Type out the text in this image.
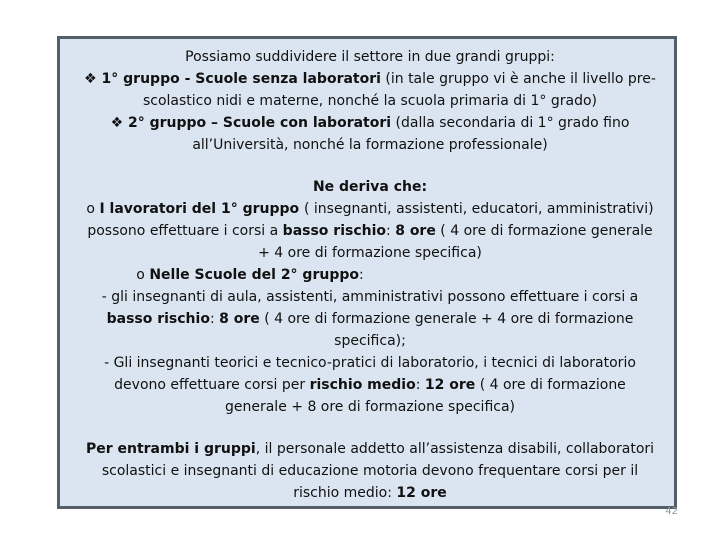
Possiamo suddividere il settore in due grandi gruppi:
❖ 1° gruppo - Scuole senza laboratori (in tale gruppo vi è anche il livello pre-
scolastico nidi e materne, nonché la scuola primaria di 1° grado)
❖ 2° gruppo – Scuole con laboratori (dalla secondaria di 1° grado fino
all’Università, nonché la formazione professionale)
Ne deriva che:
o I lavoratori del 1° gruppo ( insegnanti, assistenti, educatori, amministrativi)
possono effettuare i corsi a basso rischio: 8 ore ( 4 ore di formazione generale
+ 4 ore di formazione specifica)
o Nelle Scuole del 2° gruppo:
- gli insegnanti di aula, assistenti, amministrativi possono effettuare i corsi a
basso rischio: 8 ore ( 4 ore di formazione generale + 4 ore di formazione
specifica);
- Gli insegnanti teorici e tecnico-pratici di laboratorio, i tecnici di laboratorio
devono effettuare corsi per rischio medio: 12 ore ( 4 ore di formazione
generale + 8 ore di formazione specifica)
Per entrambi i gruppi, il personale addetto all’assistenza disabili, collaboratori
scolastici e insegnanti di educazione motoria devono frequentare corsi per il
rischio medio: 12 ore
42
